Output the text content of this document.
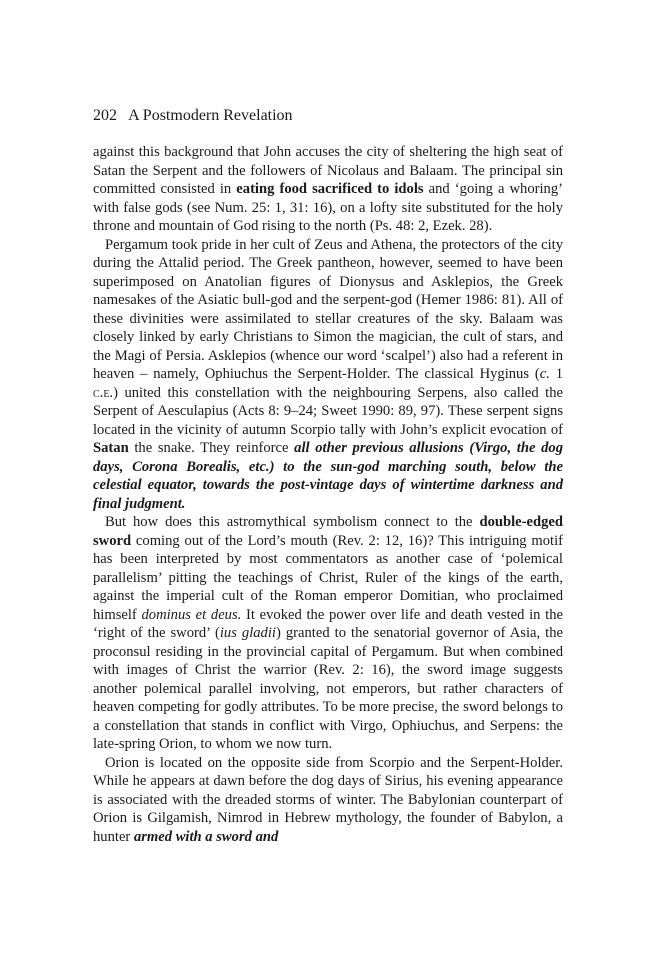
202 A Postmodern Revelation

against this background that John accuses the city of sheltering the high seat of Satan the Serpent and the followers of Nicolaus and Balaam. The principal sin committed consisted in eating food sacrificed to idols and ‘going a whoring’ with false gods (see Num. 25: 1, 31: 16), on a lofty site substituted for the holy throne and mountain of God rising to the north (Ps. 48: 2, Ezek. 28).

Pergamum took pride in her cult of Zeus and Athena, the protectors of the city during the Attalid period. The Greek pantheon, however, seemed to have been superimposed on Anatolian figures of Dionysus and Asklepios, the Greek namesakes of the Asiatic bull-god and the serpent-god (Hemer 1986: 81). All of these divinities were assimilated to stellar creatures of the sky. Balaam was closely linked by early Christians to Simon the magician, the cult of stars, and the Magi of Persia. Asklepios (whence our word ‘scalpel’) also had a referent in heaven – namely, Ophiuchus the Serpent-Holder. The classical Hyginus (c. 1 c.e.) united this constellation with the neighbouring Serpens, also called the Serpent of Aesculapius (Acts 8: 9–24; Sweet 1990: 89, 97). These serpent signs located in the vicinity of autumn Scorpio tally with John’s explicit evocation of Satan the snake. They reinforce all other previous allusions (Virgo, the dog days, Corona Borealis, etc.) to the sun-god marching south, below the celestial equator, towards the post-vintage days of wintertime darkness and final judgment.

But how does this astromythical symbolism connect to the double-edged sword coming out of the Lord’s mouth (Rev. 2: 12, 16)? This intriguing motif has been interpreted by most commentators as another case of ‘polemical parallelism’ pitting the teachings of Christ, Ruler of the kings of the earth, against the imperial cult of the Roman emperor Domitian, who proclaimed himself dominus et deus. It evoked the power over life and death vested in the ‘right of the sword’ (ius gladii) granted to the senatorial governor of Asia, the proconsul residing in the provincial capital of Pergamum. But when combined with images of Christ the warrior (Rev. 2: 16), the sword image suggests another polemical parallel involving, not emperors, but rather characters of heaven competing for godly attributes. To be more precise, the sword belongs to a constellation that stands in conflict with Virgo, Ophiuchus, and Serpens: the late-spring Orion, to whom we now turn.

Orion is located on the opposite side from Scorpio and the Serpent-Holder. While he appears at dawn before the dog days of Sirius, his evening appearance is associated with the dreaded storms of winter. The Babylonian counterpart of Orion is Gilgamish, Nimrod in Hebrew mythology, the founder of Babylon, a hunter armed with a sword and
